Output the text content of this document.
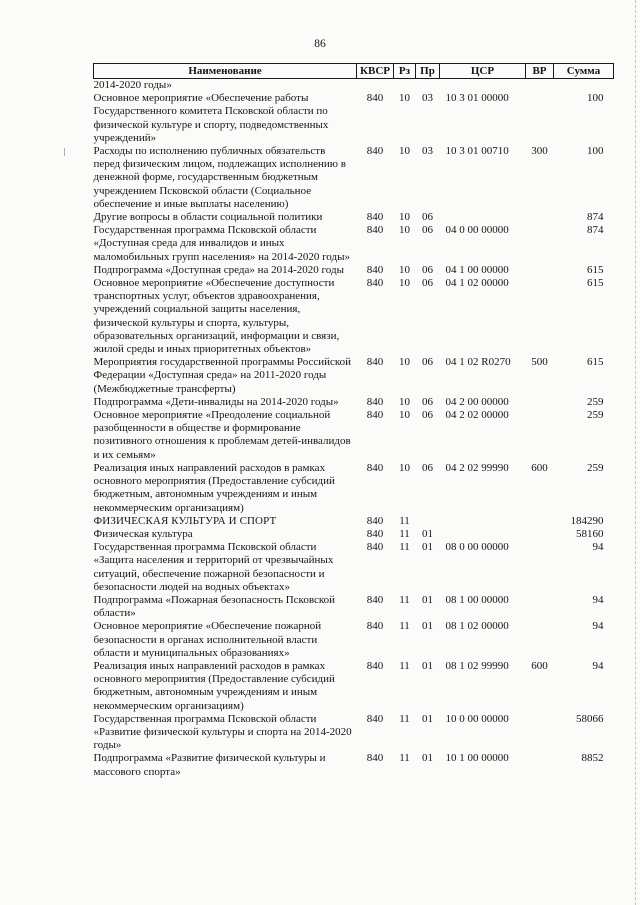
86
Наименование	КВСР	Рз	Пр	ЦСР	ВР	Сумма
2014-2020 годы»						
Основное мероприятие «Обеспечение работы Государственного комитета Псковской области по физической культуре и спорту, подведомственных учреждений»	840	10	03	10 3 01 00000		100
Расходы по исполнению публичных обязательств перед физическим лицом, подлежащих исполнению в денежной форме, государственным бюджетным учреждением Псковской области (Социальное обеспечение и иные выплаты населению)	840	10	03	10 3 01 00710	300	100
Другие вопросы в области социальной политики	840	10	06			874
Государственная программа Псковской области «Доступная среда для инвалидов и иных маломобильных групп населения» на 2014-2020 годы»	840	10	06	04 0 00 00000		874
Подпрограмма «Доступная среда» на 2014-2020 годы	840	10	06	04 1 00 00000		615
Основное мероприятие «Обеспечение доступности транспортных услуг, объектов здравоохранения, учреждений социальной защиты населения, физической культуры и спорта, культуры, образовательных организаций, информации и связи, жилой среды и иных приоритетных объектов»	840	10	06	04 1 02 00000		615
Мероприятия государственной программы Российской Федерации «Доступная среда» на 2011-2020 годы (Межбюджетные трансферты)	840	10	06	04 1 02 R0270	500	615
Подпрограмма «Дети-инвалиды на 2014-2020 годы»	840	10	06	04 2 00 00000		259
Основное мероприятие «Преодоление социальной разобщенности в обществе и формирование позитивного отношения к проблемам детей-инвалидов и их семьям»	840	10	06	04 2 02 00000		259
Реализация иных направлений расходов в рамках основного мероприятия (Предоставление субсидий бюджетным, автономным учреждениям и иным некоммерческим организациям)	840	10	06	04 2 02 99990	600	259
ФИЗИЧЕСКАЯ КУЛЬТУРА И СПОРТ	840	11				184290
Физическая культура	840	11	01			58160
Государственная программа Псковской области «Защита населения и территорий от чрезвычайных ситуаций, обеспечение пожарной безопасности и безопасности людей на водных объектах»	840	11	01	08 0 00 00000		94
Подпрограмма «Пожарная безопасность Псковской области»	840	11	01	08 1 00 00000		94
Основное мероприятие «Обеспечение пожарной безопасности в органах исполнительной власти области и муниципальных образованиях»	840	11	01	08 1 02 00000		94
Реализация иных направлений расходов в рамках основного мероприятия (Предоставление субсидий бюджетным, автономным учреждениям и иным некоммерческим организациям)	840	11	01	08 1 02 99990	600	94
Государственная программа Псковской области «Развитие физической культуры и спорта на 2014-2020 годы»	840	11	01	10 0 00 00000		58066
Подпрограмма «Развитие физической культуры и массового спорта»	840	11	01	10 1 00 00000		8852
